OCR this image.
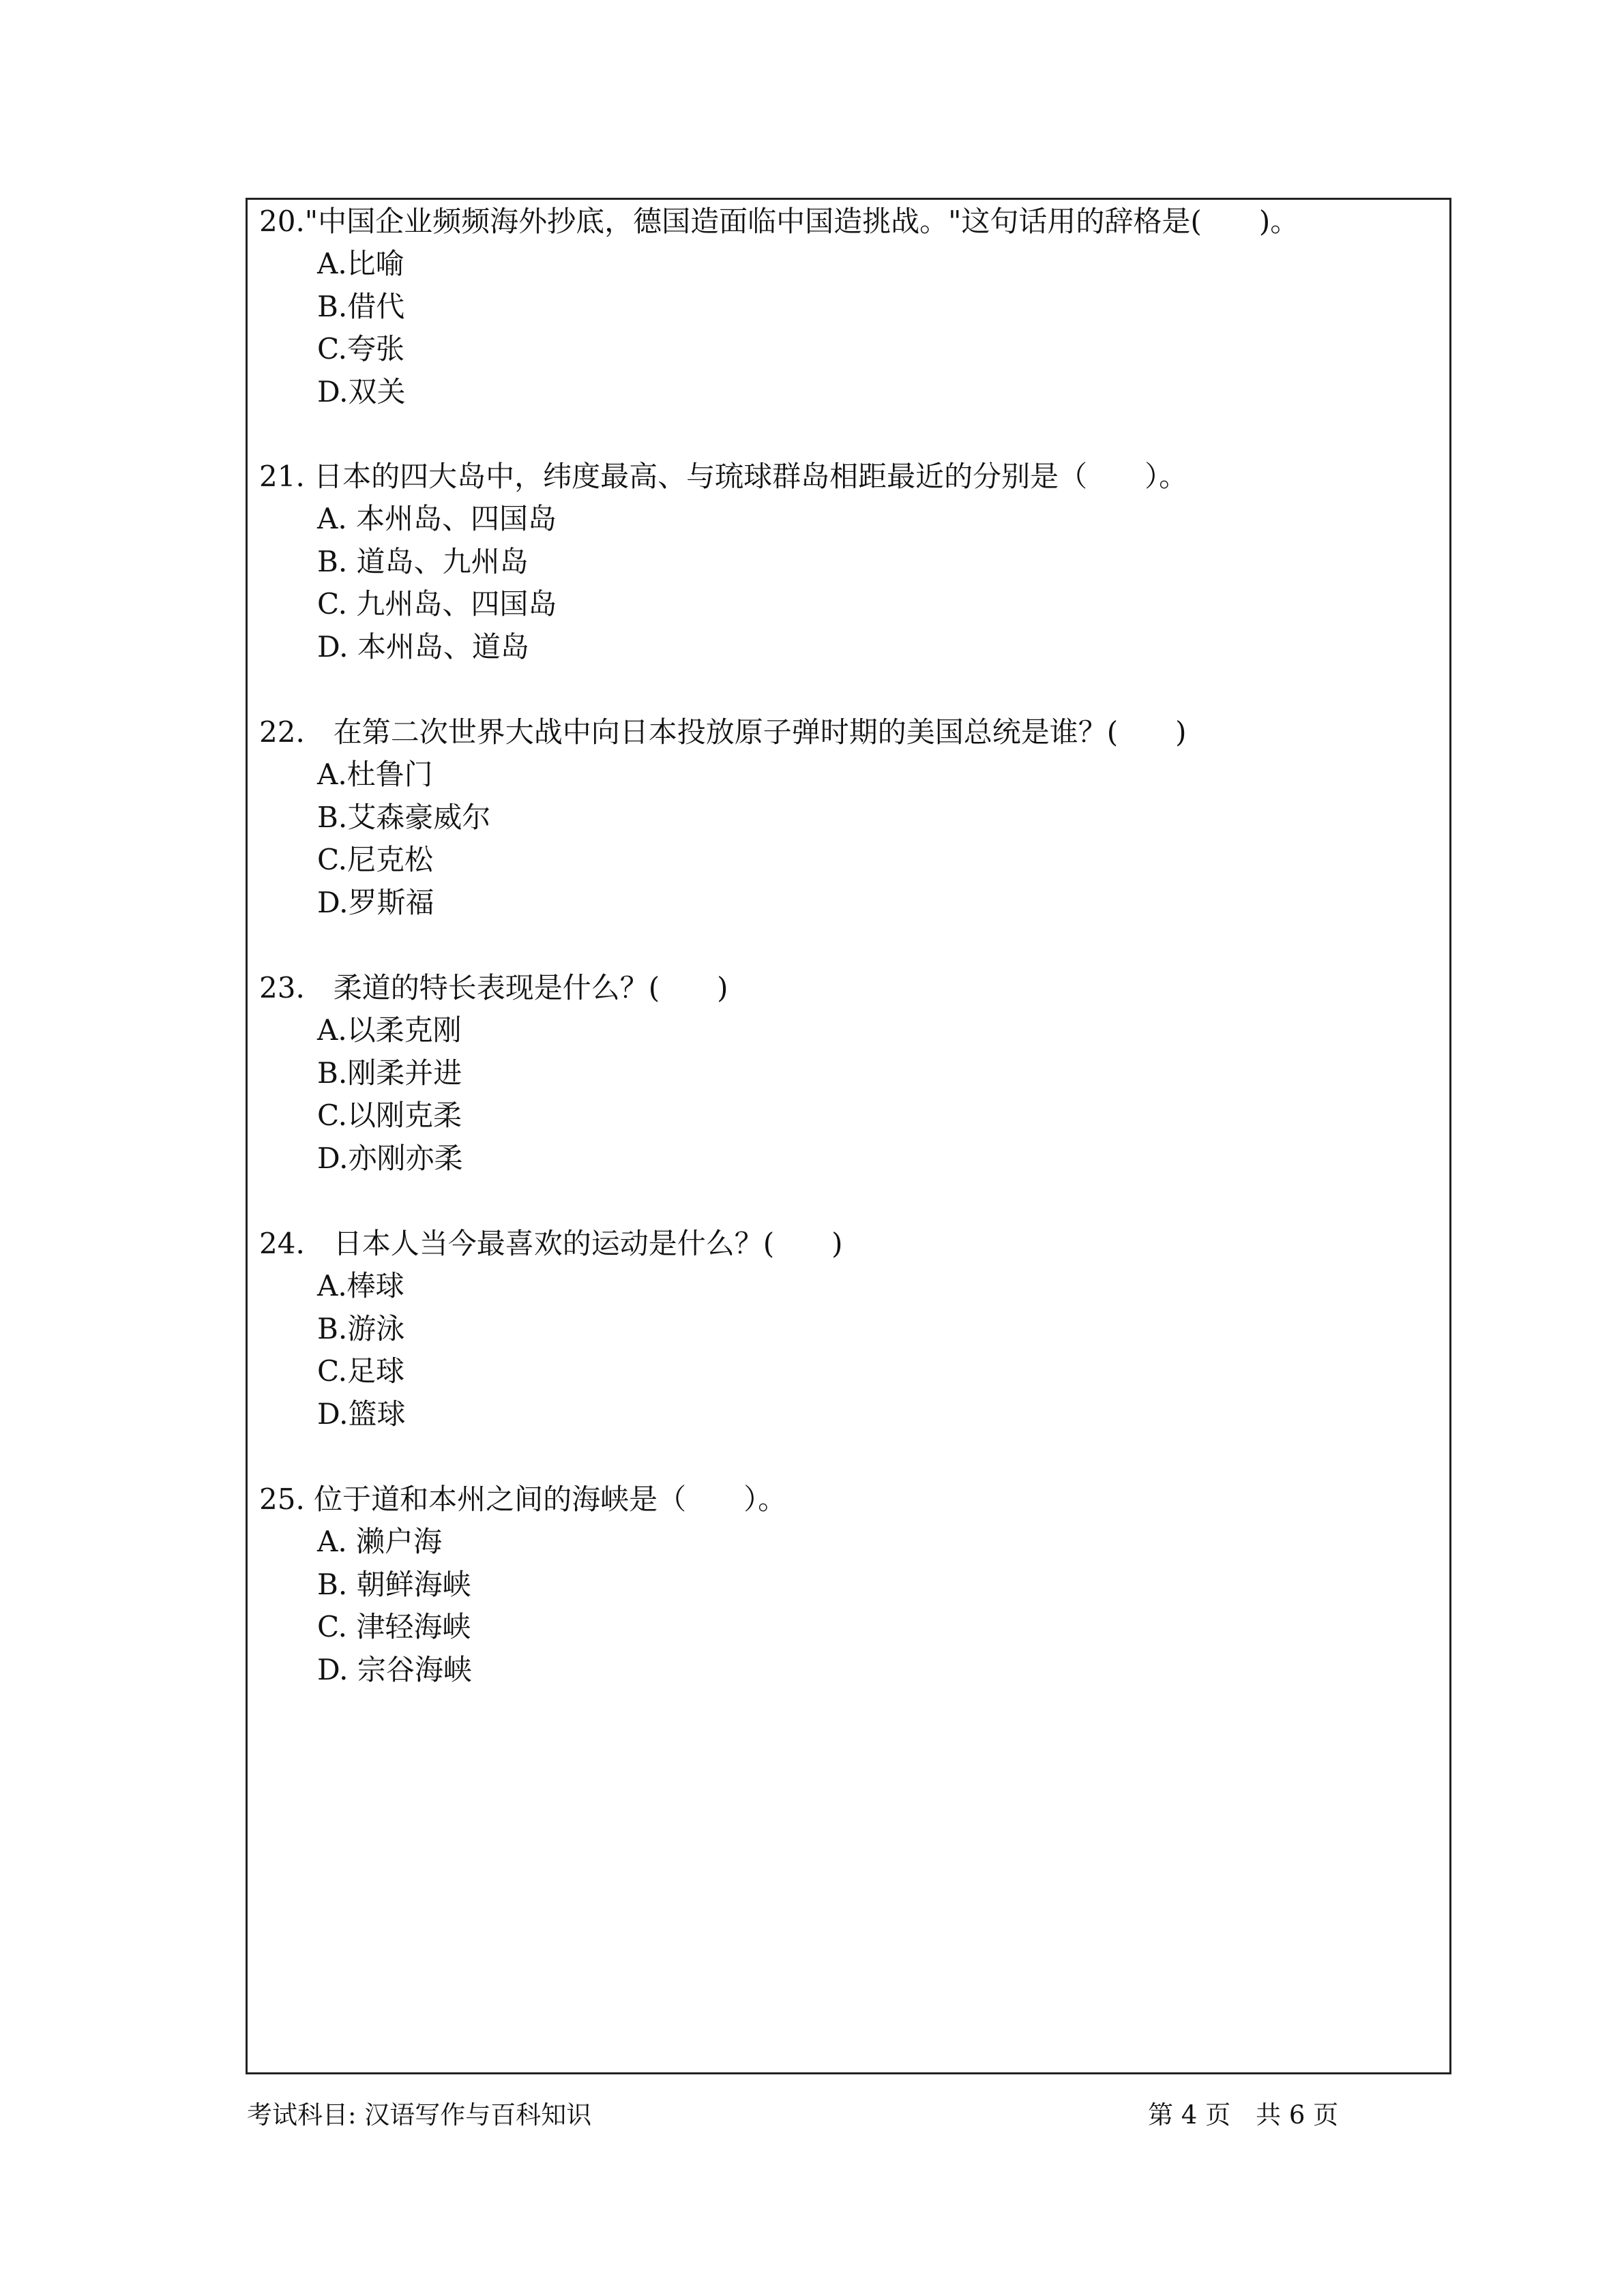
20."中国企业频频海外抄底，德国造面临中国造挑战。"这句话用的辞格是(　　)。
A.比喻
B.借代
C.夸张
D.双关
21. 日本的四大岛中，纬度最高、与琉球群岛相距最近的分别是（　　）。
A. 本州岛、四国岛
B. 道岛、九州岛
C. 九州岛、四国岛
D. 本州岛、道岛
22.　在第二次世界大战中向日本投放原子弹时期的美国总统是谁？(　　)
A.杜鲁门
B.艾森豪威尔
C.尼克松
D.罗斯福
23.　柔道的特长表现是什么？(　　)
A.以柔克刚
B.刚柔并进
C.以刚克柔
D.亦刚亦柔
24.　日本人当今最喜欢的运动是什么？(　　)
A.棒球
B.游泳
C.足球
D.篮球
25. 位于道和本州之间的海峡是（　　）。
A. 濑户海
B. 朝鲜海峡
C. 津轻海峡
D. 宗谷海峡
考试科目: 汉语写作与百科知识	第 4 页　共 6 页
